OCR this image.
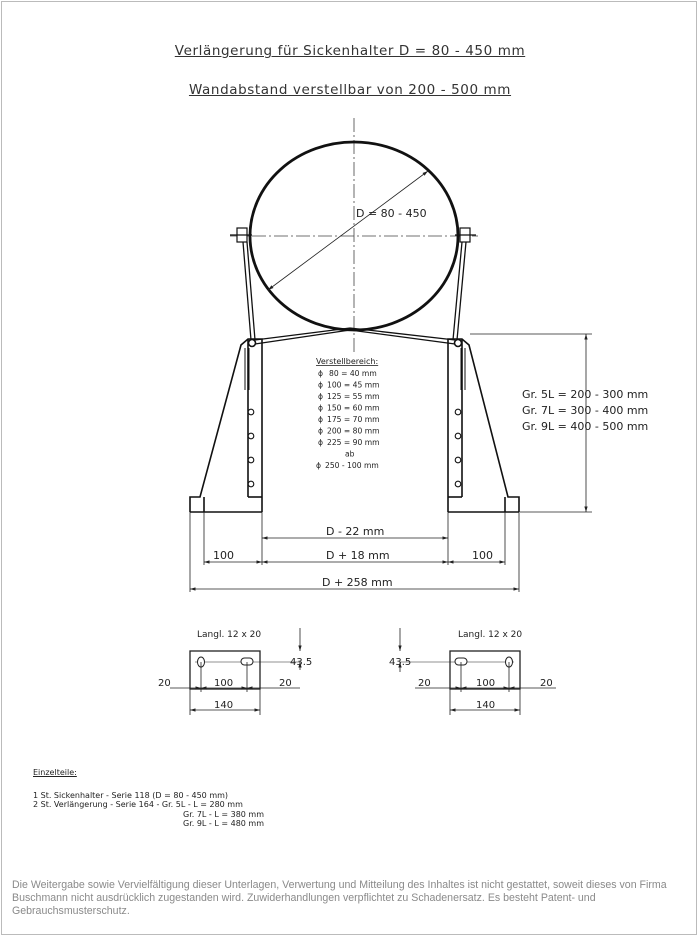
Verlängerung für Sickenhalter D = 80 - 450 mm
Wandabstand verstellbar von 200 - 500 mm
D = 80 - 450
Verstellbereich:
ϕ 80 = 40 mm
ϕ 100 = 45 mm
ϕ 125 = 55 mm
ϕ 150 = 60 mm
ϕ 175 = 70 mm
ϕ 200 = 80 mm
ϕ 225 = 90 mm
ab
ϕ 250 - 100 mm
Gr. 5L = 200 - 300 mm
Gr. 7L = 300 - 400 mm
Gr. 9L = 400 - 500 mm
D - 22 mm
D + 18 mm
100	100
D + 258 mm
Langl. 12 x 20
43.5
20	100	20
140
Langl. 12 x 20
43.5
20	100	20
140
Einzelteile:
1 St. Sickenhalter - Serie 118 (D = 80 - 450 mm)
2 St. Verlängerung - Serie 164 - Gr. 5L - L = 280 mm
Gr. 7L - L = 380 mm
Gr. 9L - L = 480 mm
Die Weitergabe sowie Vervielfältigung dieser Unterlagen, Verwertung und Mitteilung des Inhaltes ist nicht gestattet, soweit dieses von Firma Buschmann nicht ausdrücklich zugestanden wird. Zuwiderhandlungen verpflichtet zu Schadenersatz. Es besteht Patent- und Gebrauchsmusterschutz.
